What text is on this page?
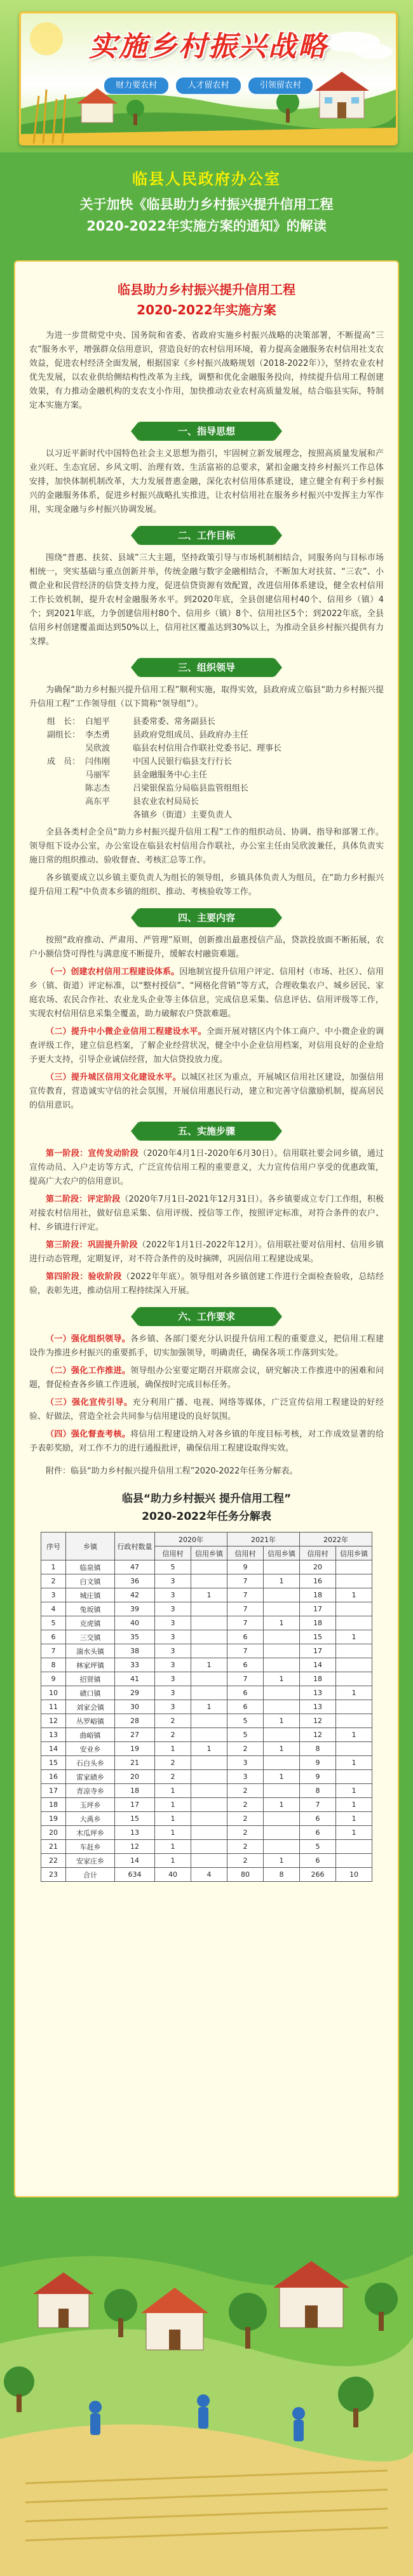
实施乡村振兴战略
财力要农村	人才留农村	引领留农村
临县人民政府办公室
关于加快《临县助力乡村振兴提升信用工程
2020-2022年实施方案的通知》的解读
临县助力乡村振兴提升信用工程
2020-2022年实施方案

为进一步贯彻党中央、国务院和省委、省政府实施乡村振兴战略的决策部署，不断提高“三农”服务水平，增强群众信用意识，营造良好的农村信用环境，着力提高金融服务农村信用社支农效益，促进农村经济全面发展，根据国家《乡村振兴战略规划（2018-2022年）》，坚持农业农村优先发展，以农业供给侧结构性改革为主线，调整和优化金融服务投向，持续提升信用工程创建效果，有力推动金融机构的支农支小作用，加快推动农业农村高质量发展，结合临县实际，特制定本实施方案。

一、指导思想

以习近平新时代中国特色社会主义思想为指引，牢固树立新发展理念，按照高质量发展和产业兴旺、生态宜居、乡风文明、治理有效、生活富裕的总要求，紧扣金融支持乡村振兴工作总体安排，加快体制机制改革，大力发展普惠金融，深化农村信用体系建设，建立健全有利于乡村振兴的金融服务体系，促进乡村振兴战略扎实推进，让农村信用社在服务乡村振兴中发挥主力军作用，实现金融与乡村振兴协调发展。

二、工作目标

围绕“普惠、扶贫、县域”三大主题，坚持政策引导与市场机制相结合，同服务向与目标市场相统一，突实基础与重点创新并举，传统金融与数字金融相结合，不断加大对扶贫、“三农”、小微企业和民营经济的信贷支持力度，促进信贷资源有效配置，改进信用体系建设，健全农村信用工作长效机制，提升农村金融服务水平。到2020年底，全县创建信用村40个、信用乡（镇）4个；到2021年底，力争创建信用村80个、信用乡（镇）8个、信用社区5个；到2022年底，全县信用乡村创建覆盖面达到50%以上，信用社区覆盖达到30%以上，为推动全县乡村振兴提供有力支撑。

三、组织领导

为确保“助力乡村振兴提升信用工程”顺利实施，取得实效，县政府成立临县“助力乡村振兴提升信用工程”工作领导组（以下简称“领导组”）。

组　长： 白旭平	县委常委、常务副县长

副组长： 李杰勇	县政府党组成员、县政府办主任

吴欣波	临县农村信用合作联社党委书记、理事长

成　员： 闫伟刚	中国人民银行临县支行行长

马丽军	县金融服务中心主任

陈志杰	吕梁银保监分局临县监管组组长

高东平	县农业农村局局长

各镇乡（街道）主要负责人

全县各类村企全员“助力乡村振兴提升信用工程”工作的组织动员、协调、指导和部署工作。领导组下设办公室，办公室设在临县农村信用合作联社，办公室主任由吴欣波兼任，具体负责实施日常的组织推动、验收督查、考核汇总等工作。

各乡镇要成立以乡镇主要负责人为组长的领导组，乡镇具体负责人为组员，在“助力乡村振兴提升信用工程”中负责本乡镇的组织、推动、考核验收等工作。

四、主要内容

按照“政府推动、严肃用、严管理”原则，创新推出最惠授信产品，贷款投放面不断拓展，农户小额信贷可得性与满意度不断提升，缓解农村融资难题。

（一）创建农村信用工程建设体系。因地制宜提升信用户评定、信用村（市场、社区）、信用乡（镇、街道）评定标准，以“整村授信”、“网格化营销”等方式，合理收集农户、城乡居民、家庭农场、农民合作社、农业龙头企业等主体信息，完成信息采集、信息评估、信用评级等工作，实现农村信用信息采集全覆盖，助力破解农户贷款难题。

（二）提升中小微企业信用工程建设水平。全面开展对辖区内个体工商户、中小微企业的调查评级工作，建立信息档案，了解企业经营状况，健全中小企业信用档案，对信用良好的企业给予更大支持，引导企业诚信经营，加大信贷投放力度。

（三）提升城区信用文化建设水平。以城区社区为重点，开展城区信用社区建设，加强信用宣传教育，营造诚实守信的社会氛围，开展信用惠民行动，建立和完善守信激励机制，提高居民的信用意识。

五、实施步骤

第一阶段：宣传发动阶段（2020年4月1日-2020年6月30日）。信用联社要会同乡镇，通过宣传动员、入户走访等方式，广泛宣传信用工程的重要意义，大力宣传信用户享受的优惠政策，提高广大农户的信用意识。

第二阶段：评定阶段（2020年7月1日-2021年12月31日）。各乡镇要成立专门工作组，积极对接农村信用社，做好信息采集、信用评级、授信等工作，按照评定标准，对符合条件的农户、村、乡镇进行评定。

第三阶段：巩固提升阶段（2022年1月1日-2022年12月）。信用联社要对信用村、信用乡镇进行动态管理，定期复评，对不符合条件的及时摘牌，巩固信用工程建设成果。

第四阶段：验收阶段（2022年年底）。领导组对各乡镇创建工作进行全面检查验收，总结经验，表彰先进，推动信用工程持续深入开展。

六、工作要求

（一）强化组织领导。各乡镇、各部门要充分认识提升信用工程的重要意义，把信用工程建设作为推进乡村振兴的重要抓手，切实加强领导，明确责任，确保各项工作落到实处。

（二）强化工作推进。领导组办公室要定期召开联席会议，研究解决工作推进中的困难和问题，督促检查各乡镇工作进展，确保按时完成目标任务。

（三）强化宣传引导。充分利用广播、电视、网络等媒体，广泛宣传信用工程建设的好经验、好做法，营造全社会共同参与信用建设的良好氛围。

（四）强化督查考核。将信用工程建设纳入对各乡镇的年度目标考核，对工作成效显著的给予表彰奖励，对工作不力的进行通报批评，确保信用工程建设取得实效。

附件：临县“助力乡村振兴提升信用工程”2020-2022年任务分解表。

临县“助力乡村振兴 提升信用工程”
2020-2022年任务分解表
序号	乡镇	行政村数量	2020年		2021年		2022年	
			信用村	信用乡镇	信用村	信用乡镇	信用村	信用乡镇
1	临泉镇	47	5		9		20	
2	白文镇	36	3		7	1	16	
3	城庄镇	42	3	1	7		18	1
4	兔坂镇	39	3		7		17	
5	克虎镇	40	3		7	1	18	
6	三交镇	35	3		6		15	1
7	湍水头镇	38	3		7		17	
8	林家坪镇	33	3	1	6		14	
9	招贤镇	41	3		7	1	18	
10	碛口镇	29	3		6		13	1
11	刘家会镇	30	3	1	6		13	
12	丛罗峪镇	28	2		5	1	12	
13	曲峪镇	27	2		5		12	1
14	安业乡	19	1	1	2	1	8	
15	石白头乡	21	2		3		9	1
16	雷家碛乡	20	2		3	1	9	
17	青凉寺乡	18	1		2		8	1
18	玉坪乡	17	1		2	1	7	1
19	大禹乡	15	1		2		6	1
20	木瓜坪乡	13	1		2		6	1
21	车赶乡	12	1		2		5	
22	安家庄乡	14	1		2	1	6	
23	合计	634	40	4	80	8	266	10
